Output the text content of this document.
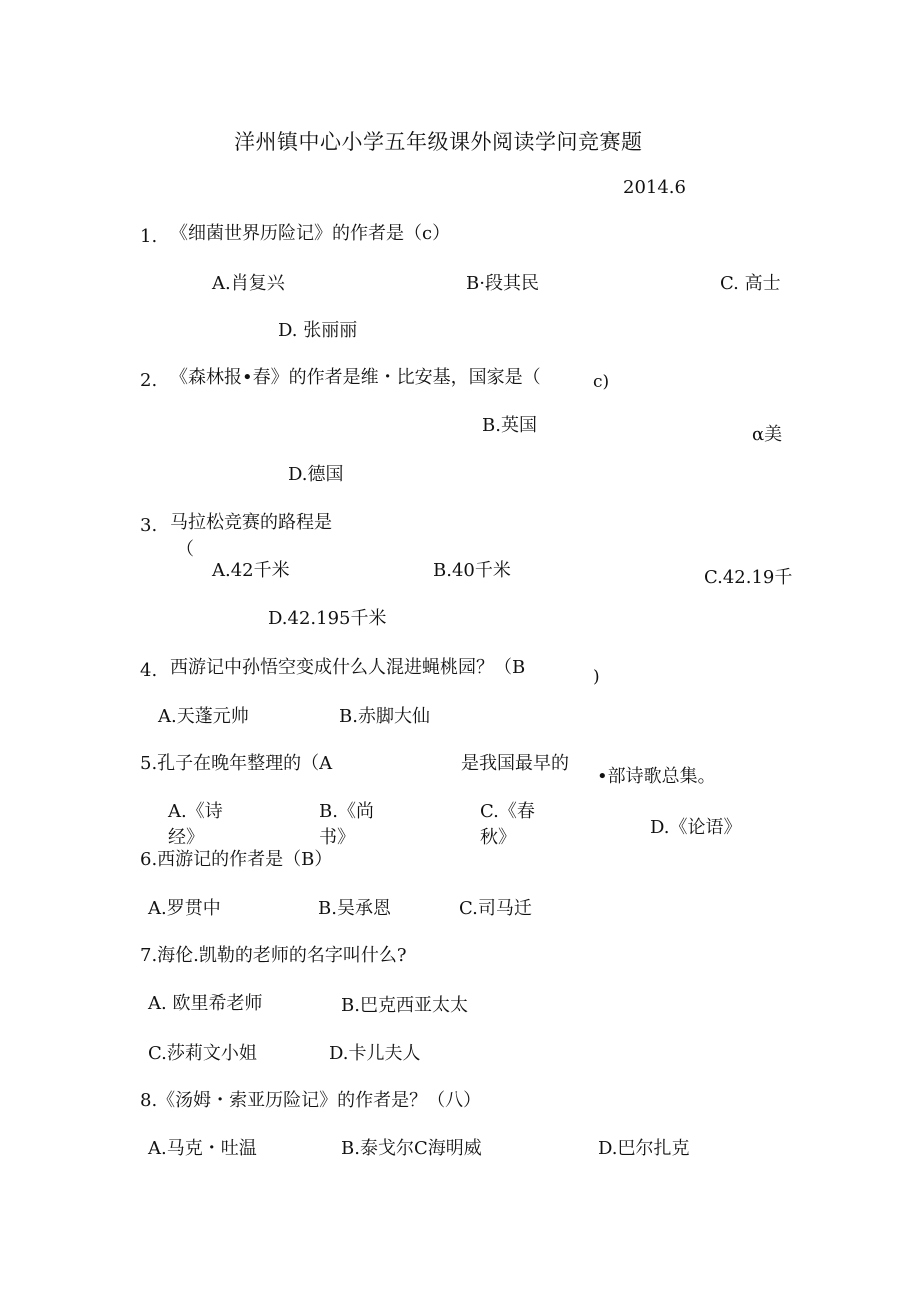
洋州镇中心小学五年级课外阅读学问竞赛题
2014.6
1. 《细菌世界历险记》的作者是（c）
A.肖复兴	B·段其民	C. 高士
D. 张丽丽
2. 《森林报•春》的作者是维・比安基，国家是（	c)
B.英国	α美
D.德国
3. 马拉松竞赛的路程是
（
A.42千米	B.40千米	C.42.19千
D.42.195千米
4. 西游记中孙悟空变成什么人混进蝇桃园？（B	)
A.天蓬元帅	B.赤脚大仙
5.孔子在晚年整理的（A	是我国最早的
•部诗歌总集。
A.《诗
经》
B.《尚
书》
C.《春
秋》	D.《论语》
6.西游记的作者是（B）
A.罗贯中	B.吴承恩	C.司马迁
7.海伦.凯勒的老师的名字叫什么?
A. 欧里希老师	B.巴克西亚太太
C.莎莉文小姐	D.卡儿夫人
8.《汤姆・索亚历险记》的作者是？（八）
A.马克・吐温	B.泰戈尔C海明威	D.巴尔扎克
